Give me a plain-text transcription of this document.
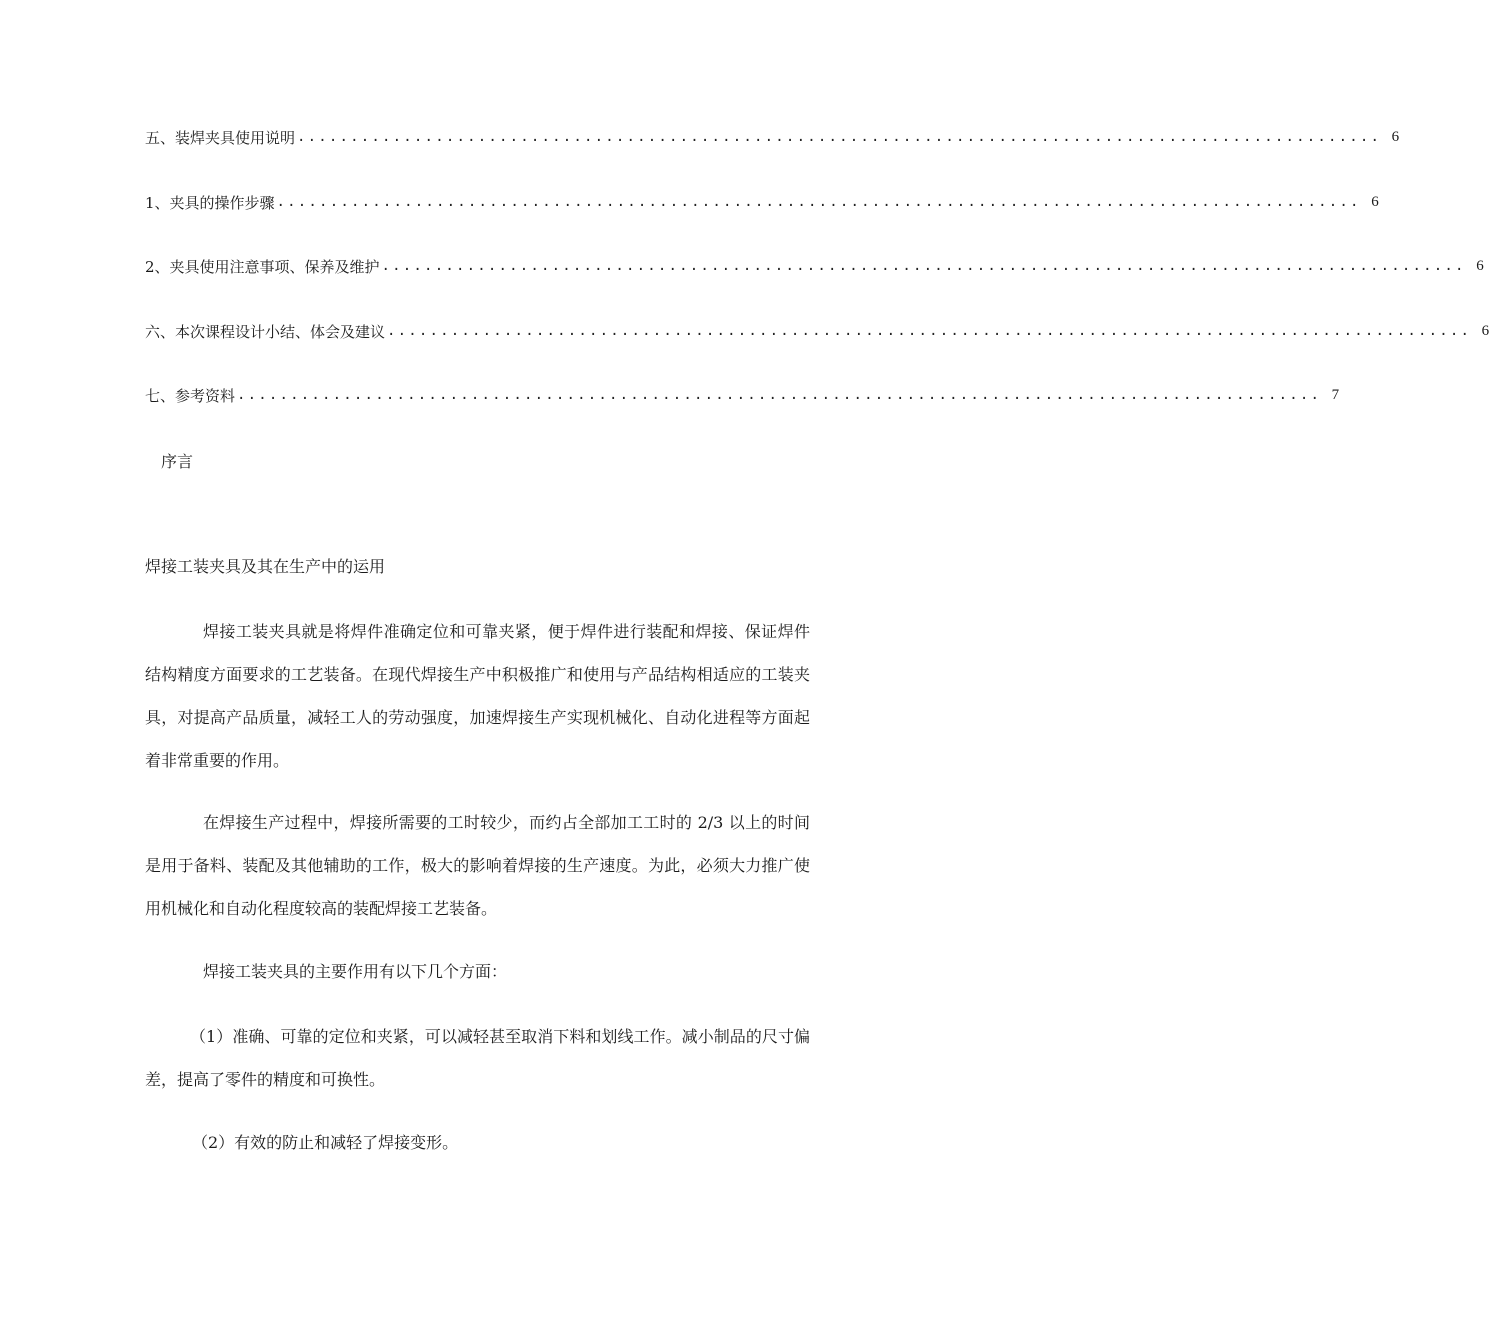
五、装焊夹具使用说明 ...................................................................................................... 6
1、夹具的操作步骤 ...................................................................................................... 6
2、夹具使用注意事项、保养及维护 ...................................................................................................... 6
六、本次课程设计小结、体会及建议 ...................................................................................................... 6
七、参考资料 ...................................................................................................... 7
序言
焊接工装夹具及其在生产中的运用

焊接工装夹具就是将焊件准确定位和可靠夹紧，便于焊件进行装配和焊接、保证焊件结构精度方面要求的工艺装备。在现代焊接生产中积极推广和使用与产品结构相适应的工装夹具，对提高产品质量，减轻工人的劳动强度，加速焊接生产实现机械化、自动化进程等方面起着非常重要的作用。

在焊接生产过程中，焊接所需要的工时较少，而约占全部加工工时的 2/3 以上的时间是用于备料、装配及其他辅助的工作，极大的影响着焊接的生产速度。为此，必须大力推广使用机械化和自动化程度较高的装配焊接工艺装备。

焊接工装夹具的主要作用有以下几个方面：

（1）准确、可靠的定位和夹紧，可以减轻甚至取消下料和划线工作。减小制品的尺寸偏差，提高了零件的精度和可换性。

（2）有效的防止和减轻了焊接变形。
